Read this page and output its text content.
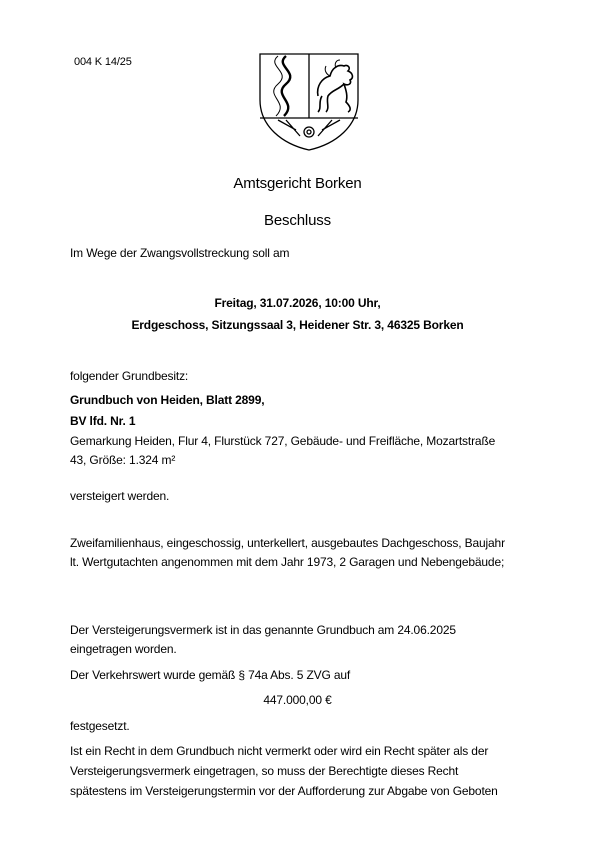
004 K 14/25
Amtsgericht Borken
Beschluss
Im Wege der Zwangsvollstreckung soll am
Freitag, 31.07.2026, 10:00 Uhr,
Erdgeschoss, Sitzungssaal 3, Heidener Str. 3, 46325 Borken
folgender Grundbesitz:
Grundbuch von Heiden, Blatt 2899,
BV lfd. Nr. 1
Gemarkung Heiden, Flur 4, Flurstück 727, Gebäude- und Freifläche, Mozartstraße
43, Größe: 1.324 m²
versteigert werden.
Zweifamilienhaus, eingeschossig, unterkellert, ausgebautes Dachgeschoss, Baujahr
lt. Wertgutachten angenommen mit dem Jahr 1973, 2 Garagen und Nebengebäude;
Der Versteigerungsvermerk ist in das genannte Grundbuch am 24.06.2025
eingetragen worden.
Der Verkehrswert wurde gemäß § 74a Abs. 5 ZVG auf
447.000,00 €
festgesetzt.
Ist ein Recht in dem Grundbuch nicht vermerkt oder wird ein Recht später als der
Versteigerungsvermerk eingetragen, so muss der Berechtigte dieses Recht
spätestens im Versteigerungstermin vor der Aufforderung zur Abgabe von Geboten
